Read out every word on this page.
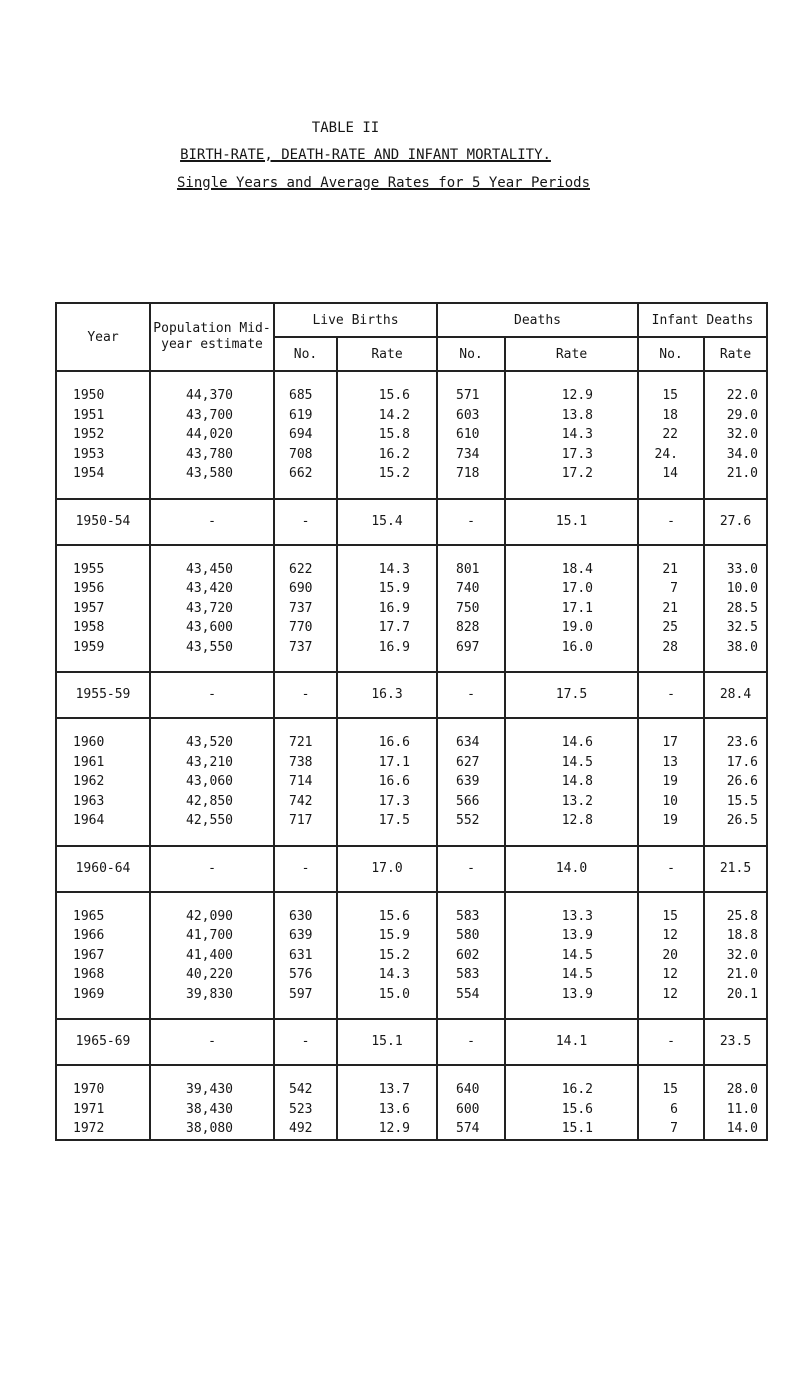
TABLE II
BIRTH-RATE, DEATH-RATE AND INFANT MORTALITY.
Single Years and Average Rates for 5 Year Periods
Year	Population Mid-year estimate	Live Births		Deaths		Infant Deaths	
		No.	Rate	No.	Rate	No.	Rate
1950	44,370	685	15.6	571	12.9	15	22.0
1951	43,700	619	14.2	603	13.8	18	29.0
1952	44,020	694	15.8	610	14.3	22	32.0
1953	43,780	708	16.2	734	17.3	24.	34.0
1954	43,580	662	15.2	718	17.2	14	21.0
1950-54	-	-	15.4	-	15.1	-	27.6
1955	43,450	622	14.3	801	18.4	21	33.0
1956	43,420	690	15.9	740	17.0	7	10.0
1957	43,720	737	16.9	750	17.1	21	28.5
1958	43,600	770	17.7	828	19.0	25	32.5
1959	43,550	737	16.9	697	16.0	28	38.0
1955-59	-	-	16.3	-	17.5	-	28.4
1960	43,520	721	16.6	634	14.6	17	23.6
1961	43,210	738	17.1	627	14.5	13	17.6
1962	43,060	714	16.6	639	14.8	19	26.6
1963	42,850	742	17.3	566	13.2	10	15.5
1964	42,550	717	17.5	552	12.8	19	26.5
1960-64	-	-	17.0	-	14.0	-	21.5
1965	42,090	630	15.6	583	13.3	15	25.8
1966	41,700	639	15.9	580	13.9	12	18.8
1967	41,400	631	15.2	602	14.5	20	32.0
1968	40,220	576	14.3	583	14.5	12	21.0
1969	39,830	597	15.0	554	13.9	12	20.1
1965-69	-	-	15.1	-	14.1	-	23.5
1970	39,430	542	13.7	640	16.2	15	28.0
1971	38,430	523	13.6	600	15.6	6	11.0
1972	38,080	492	12.9	574	15.1	7	14.0
